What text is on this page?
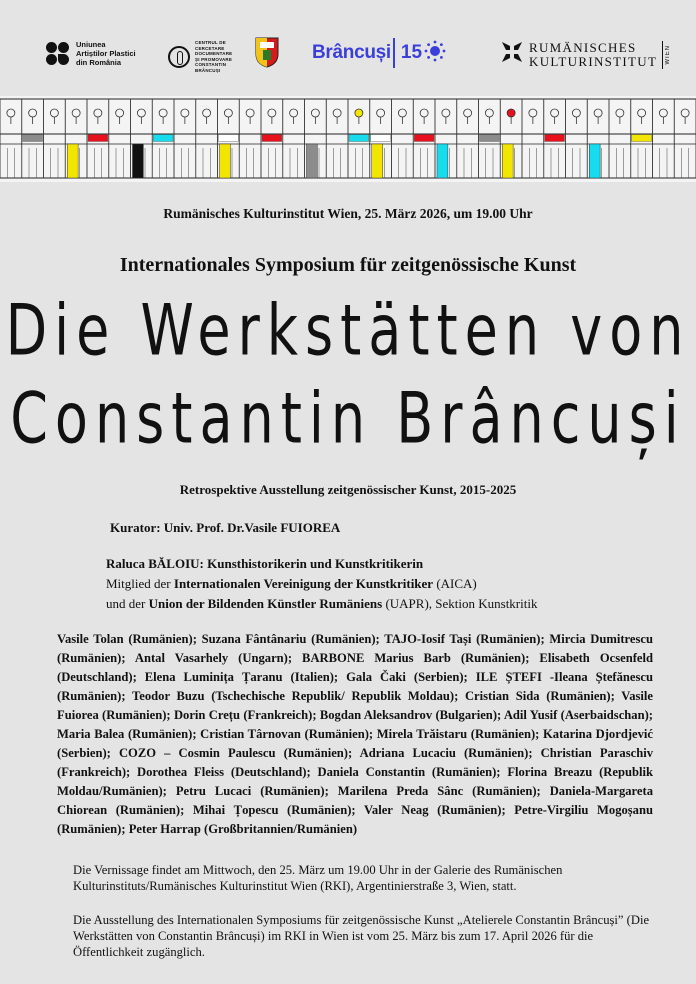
Uniunea
Artiștilor Plastici
din România
CENTRUL DE
CERCETARE
DOCUMENTARE
ȘI PROMOVARE
CONSTANTIN
BRÂNCUȘI
Brâncuși 15	RUMÄNISCHES
KULTURINSTITUT WIEN
Rumänisches Kulturinstitut Wien, 25. März 2026, um 19.00 Uhr
Internationales Symposium für zeitgenössische Kunst
Die Werkstätten von
Constantin Brâncuși
Retrospektive Ausstellung zeitgenössischer Kunst, 2015-2025
Kurator: Univ. Prof. Dr.Vasile FUIOREA
Raluca BĂLOIU: Kunsthistorikerin und Kunstkritikerin
Mitglied der Internationalen Vereinigung der Kunstkritiker (AICA)
und der Union der Bildenden Künstler Rumäniens (UAPR), Sektion Kunstkritik
Vasile Tolan (Rumänien); Suzana Fântânariu (Rumänien); TAJO-Iosif Tași (Rumänien); Mircia Dumitrescu (Rumänien); Antal Vasarhely (Ungarn); BARBONE Marius Barb (Rumänien); Elisabeth Ocsenfeld (Deutschland); Elena Luminița Țaranu (Italien); Gala Čaki (Serbien); ILE ȘTEFI -Ileana Ștefănescu (Rumänien); Teodor Buzu (Tschechische Republik/ Republik Moldau); Cristian Sida (Rumänien); Vasile Fuiorea (Rumänien); Dorin Crețu (Frankreich); Bogdan Aleksandrov (Bulgarien); Adil Yusif (Aserbaidschan); Maria Balea (Rumänien); Cristian Târnovan (Rumänien); Mirela Trăistaru (Rumänien); Katarina Djordjević (Serbien); COZO – Cosmin Paulescu (Rumänien); Adriana Lucaciu (Rumänien); Christian Paraschiv (Frankreich); Dorothea Fleiss (Deutschland); Daniela Constantin (Rumänien); Florina Breazu (Republik Moldau/Rumänien); Petru Lucaci (Rumänien); Marilena Preda Sânc (Rumänien); Daniela-Margareta Chiorean (Rumänien); Mihai Țopescu (Rumänien); Valer Neag (Rumänien); Petre-Virgiliu Mogoșanu (Rumänien); Peter Harrap (Großbritannien/Rumänien)
Die Vernissage findet am Mittwoch, den 25. März um 19.00 Uhr in der Galerie des Rumänischen Kulturinstituts/Rumänisches Kulturinstitut Wien (RKI), Argentinierstraße 3, Wien, statt.
Die Ausstellung des Internationalen Symposiums für zeitgenössische Kunst „Atelierele Constantin Brâncuși” (Die Werkstätten von Constantin Brâncuși) im RKI in Wien ist vom 25. März bis zum 17. April 2026 für die Öffentlichkeit zugänglich.
